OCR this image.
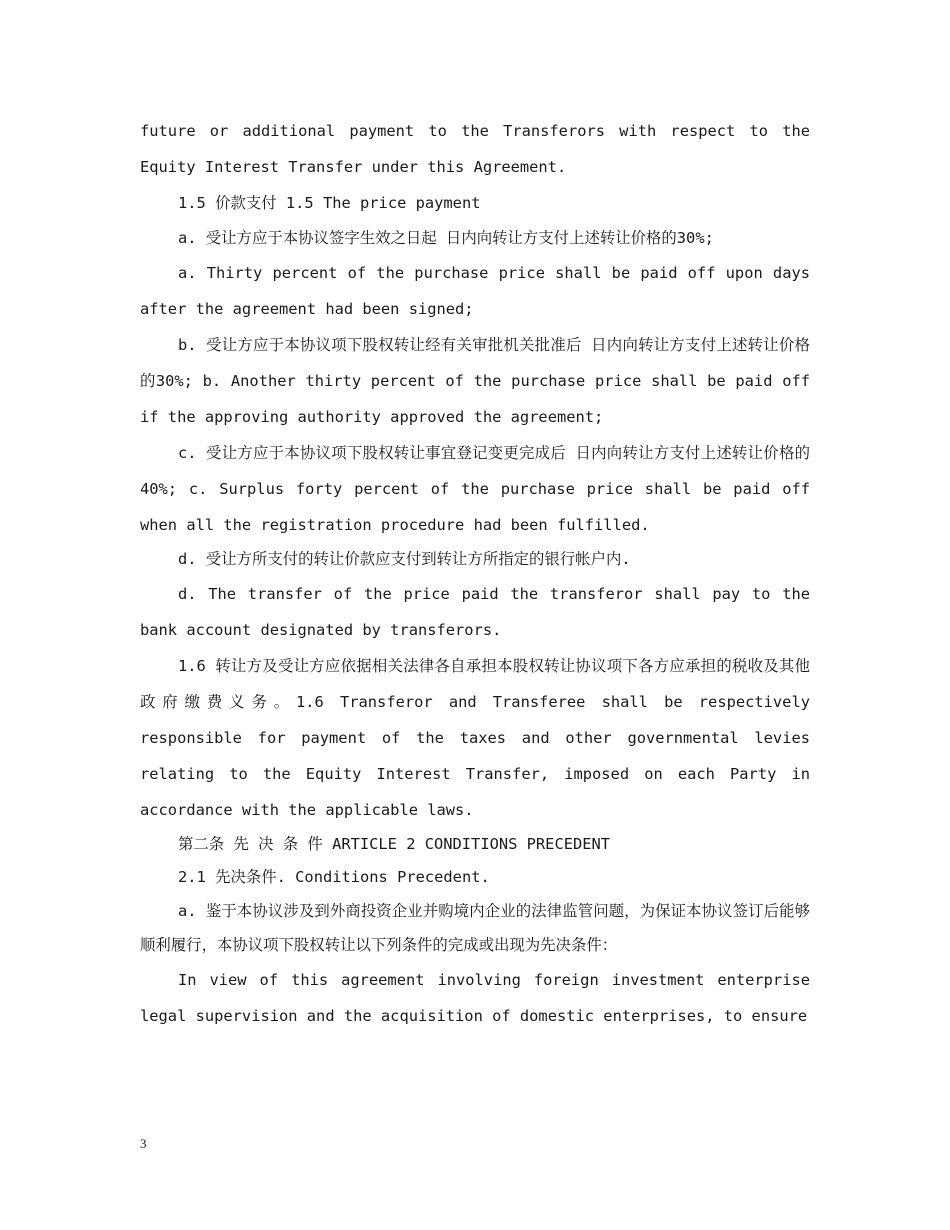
future or additional payment to the Transferors with respect to the Equity Interest Transfer under this Agreement.

1.5 价款支付 1.5 The price payment

a. 受让方应于本协议签字生效之日起 日内向转让方支付上述转让价格的30%;

a. Thirty percent of the purchase price shall be paid off upon days after the agreement had been signed;

b. 受让方应于本协议项下股权转让经有关审批机关批准后 日内向转让方支付上述转让价格的30%; b. Another thirty percent of the purchase price shall be paid off if the approving authority approved the agreement;

c. 受让方应于本协议项下股权转让事宜登记变更完成后 日内向转让方支付上述转让价格的40%; c. Surplus forty percent of the purchase price shall be paid off when all the registration procedure had been fulfilled.

d. 受让方所支付的转让价款应支付到转让方所指定的银行帐户内.

d. The transfer of the price paid the transferor shall pay to the bank account designated by transferors.

1.6 转让方及受让方应依据相关法律各自承担本股权转让协议项下各方应承担的税收及其他政府缴费义务。1.6 Transferor and Transferee shall be respectively responsible for payment of the taxes and other governmental levies relating to the Equity Interest Transfer, imposed on each Party in accordance with the applicable laws.

第二条 先 决 条 件 ARTICLE 2 CONDITIONS PRECEDENT

2.1 先决条件. Conditions Precedent.

a. 鉴于本协议涉及到外商投资企业并购境内企业的法律监管问题，为保证本协议签订后能够顺利履行，本协议项下股权转让以下列条件的完成或出现为先决条件：

In view of this agreement involving foreign investment enterprise legal supervision and the acquisition of domestic enterprises, to ensure

3
